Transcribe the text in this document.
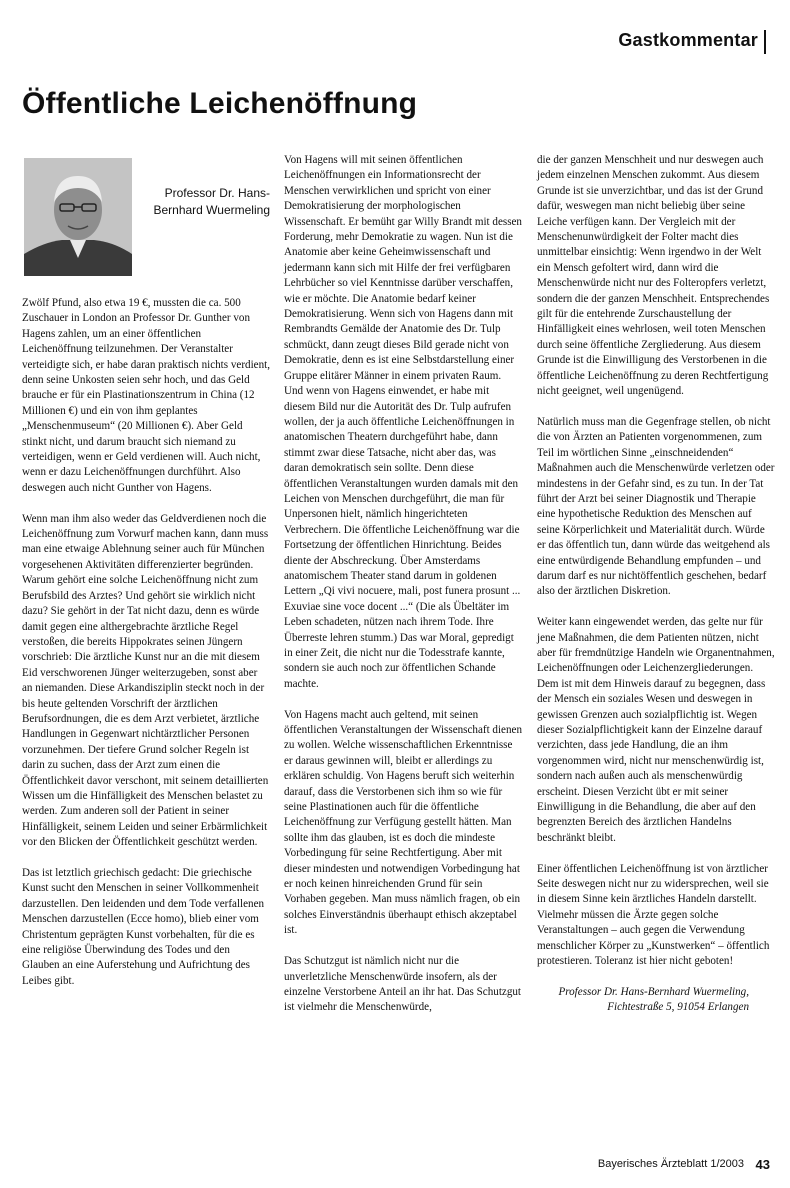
Gastkommentar
Öffentliche Leichenöffnung
Professor Dr. Hans-Bernhard Wuermeling

Zwölf Pfund, also etwa 19 €, mussten die ca. 500 Zuschauer in London an Professor Dr. Gunther von Hagens zahlen, um an einer öffentlichen Leichenöffnung teilzunehmen. Der Veranstalter verteidigte sich, er habe daran praktisch nichts verdient, denn seine Unkosten seien sehr hoch, und das Geld brauche er für ein Plastinationszentrum in China (12 Millionen €) und ein von ihm geplantes „Menschenmuseum“ (20 Millionen €). Aber Geld stinkt nicht, und darum braucht sich niemand zu verteidigen, wenn er Geld verdienen will. Auch nicht, wenn er dazu Leichenöffnungen durchführt. Also deswegen auch nicht Gunther von Hagens.

Wenn man ihm also weder das Geldverdienen noch die Leichenöffnung zum Vorwurf machen kann, dann muss man eine etwaige Ablehnung seiner auch für München vorgesehenen Aktivitäten differenzierter begründen. Warum gehört eine solche Leichenöffnung nicht zum Berufsbild des Arztes? Und gehört sie wirklich nicht dazu? Sie gehört in der Tat nicht dazu, denn es würde damit gegen eine althergebrachte ärztliche Regel verstoßen, die bereits Hippokrates seinen Jüngern vorschrieb: Die ärztliche Kunst nur an die mit diesem Eid verschworenen Jünger weiterzugeben, sonst aber an niemanden. Diese Arkandisziplin steckt noch in der bis heute geltenden Vorschrift der ärztlichen Berufsordnungen, die es dem Arzt verbietet, ärztliche Handlungen in Gegenwart nichtärztlicher Personen vorzunehmen. Der tiefere Grund solcher Regeln ist darin zu suchen, dass der Arzt zum einen die Öffentlichkeit davor verschont, mit seinem detaillierten Wissen um die Hinfälligkeit des Menschen belastet zu werden. Zum anderen soll der Patient in seiner Hinfälligkeit, seinem Leiden und seiner Erbärmlichkeit vor den Blicken der Öffentlichkeit geschützt werden.

Das ist letztlich griechisch gedacht: Die griechische Kunst sucht den Menschen in seiner Vollkommenheit darzustellen. Den leidenden und dem Tode verfallenen Menschen darzustellen (Ecce homo), blieb einer vom Christentum geprägten Kunst vorbehalten, für die es eine religiöse Überwindung des Todes und den Glauben an eine Auferstehung und Aufrichtung des Leibes gibt.

Von Hagens will mit seinen öffentlichen Leichenöffnungen ein Informationsrecht der Menschen verwirklichen und spricht von einer Demokratisierung der morphologischen Wissenschaft. Er bemüht gar Willy Brandt mit dessen Forderung, mehr Demokratie zu wagen. Nun ist die Anatomie aber keine Geheimwissenschaft und jedermann kann sich mit Hilfe der frei verfügbaren Lehrbücher so viel Kenntnisse darüber verschaffen, wie er möchte. Die Anatomie bedarf keiner Demokratisierung. Wenn sich von Hagens dann mit Rembrandts Gemälde der Anatomie des Dr. Tulp schmückt, dann zeugt dieses Bild gerade nicht von Demokratie, denn es ist eine Selbstdarstellung einer Gruppe elitärer Männer in einem privaten Raum. Und wenn von Hagens einwendet, er habe mit diesem Bild nur die Autorität des Dr. Tulp aufrufen wollen, der ja auch öffentliche Leichenöffnungen in anatomischen Theatern durchgeführt habe, dann stimmt zwar diese Tatsache, nicht aber das, was daran demokratisch sein sollte. Denn diese öffentlichen Veranstaltungen wurden damals mit den Leichen von Menschen durchgeführt, die man für Unpersonen hielt, nämlich hingerichteten Verbrechern. Die öffentliche Leichenöffnung war die Fortsetzung der öffentlichen Hinrichtung. Beides diente der Abschreckung. Über Amsterdams anatomischem Theater stand darum in goldenen Lettern „Qi vivi nocuere, mali, post funera prosunt ... Exuviae sine voce docent ...“ (Die als Übeltäter im Leben schadeten, nützen nach ihrem Tode. Ihre Überreste lehren stumm.) Das war Moral, gepredigt in einer Zeit, die nicht nur die Todesstrafe kannte, sondern sie auch noch zur öffentlichen Schande machte.

Von Hagens macht auch geltend, mit seinen öffentlichen Veranstaltungen der Wissenschaft dienen zu wollen. Welche wissenschaftlichen Erkenntnisse er daraus gewinnen will, bleibt er allerdings zu erklären schuldig. Von Hagens beruft sich weiterhin darauf, dass die Verstorbenen sich ihm so wie für seine Plastinationen auch für die öffentliche Leichenöffnung zur Verfügung gestellt hätten. Man sollte ihm das glauben, ist es doch die mindeste Vorbedingung für seine Rechtfertigung. Aber mit dieser mindesten und notwendigen Vorbedingung hat er noch keinen hinreichenden Grund für sein Vorhaben gegeben. Man muss nämlich fragen, ob ein solches Einverständnis überhaupt ethisch akzeptabel ist.

Das Schutzgut ist nämlich nicht nur die unverletzliche Menschenwürde insofern, als der einzelne Verstorbene Anteil an ihr hat. Das Schutzgut ist vielmehr die Menschenwürde,

die der ganzen Menschheit und nur deswegen auch jedem einzelnen Menschen zukommt. Aus diesem Grunde ist sie unverzichtbar, und das ist der Grund dafür, weswegen man nicht beliebig über seine Leiche verfügen kann. Der Vergleich mit der Menschenunwürdigkeit der Folter macht dies unmittelbar einsichtig: Wenn irgendwo in der Welt ein Mensch gefoltert wird, dann wird die Menschenwürde nicht nur des Folteropfers verletzt, sondern die der ganzen Menschheit. Entsprechendes gilt für die entehrende Zurschaustellung der Hinfälligkeit eines wehrlosen, weil toten Menschen durch seine öffentliche Zergliederung. Aus diesem Grunde ist die Einwilligung des Verstorbenen in die öffentliche Leichenöffnung zu deren Rechtfertigung nicht geeignet, weil ungenügend.

Natürlich muss man die Gegenfrage stellen, ob nicht die von Ärzten an Patienten vorgenommenen, zum Teil im wörtlichen Sinne „einschneidenden“ Maßnahmen auch die Menschenwürde verletzen oder mindestens in der Gefahr sind, es zu tun. In der Tat führt der Arzt bei seiner Diagnostik und Therapie eine hypothetische Reduktion des Menschen auf seine Körperlichkeit und Materialität durch. Würde er das öffentlich tun, dann würde das weitgehend als eine entwürdigende Behandlung empfunden – und darum darf es nur nichtöffentlich geschehen, bedarf also der ärztlichen Diskretion.

Weiter kann eingewendet werden, das gelte nur für jene Maßnahmen, die dem Patienten nützen, nicht aber für fremdnützige Handeln wie Organentnahmen, Leichenöffnungen oder Leichenzergliederungen. Dem ist mit dem Hinweis darauf zu begegnen, dass der Mensch ein soziales Wesen und deswegen in gewissen Grenzen auch sozialpflichtig ist. Wegen dieser Sozialpflichtigkeit kann der Einzelne darauf verzichten, dass jede Handlung, die an ihm vorgenommen wird, nicht nur menschenwürdig ist, sondern nach außen auch als menschenwürdig erscheint. Diesen Verzicht übt er mit seiner Einwilligung in die Behandlung, die aber auf den begrenzten Bereich des ärztlichen Handelns beschränkt bleibt.

Einer öffentlichen Leichenöffnung ist von ärztlicher Seite deswegen nicht nur zu widersprechen, weil sie in diesem Sinne kein ärztliches Handeln darstellt. Vielmehr müssen die Ärzte gegen solche Veranstaltungen – auch gegen die Verwendung menschlicher Körper zu „Kunstwerken“ – öffentlich protestieren. Toleranz ist hier nicht geboten!

Professor Dr. Hans-Bernhard Wuermeling,
Fichtestraße 5, 91054 Erlangen
Bayerisches Ärzteblatt 1/2003 43
